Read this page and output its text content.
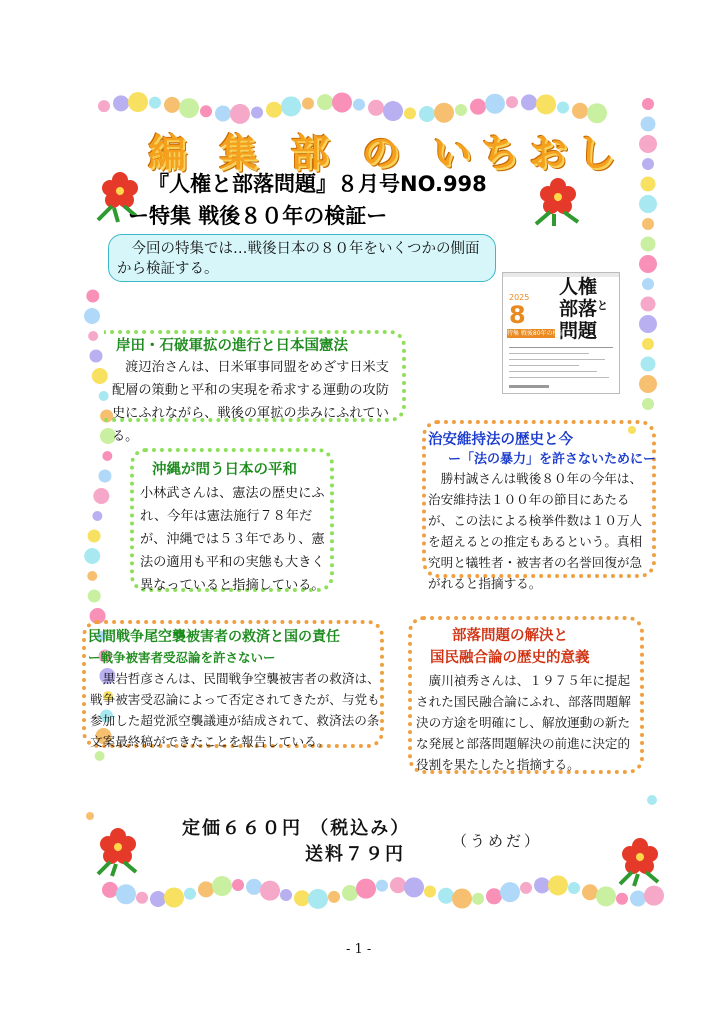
編 集 部 の いちおし
『人権と部落問題』８月号NO.998
ー特集 戦後８０年の検証ー
　今回の特集では…戦後日本の８０年をいくつかの側面から検証する。
2025
8
人権
と
部落
問題
特集 戦後80年の検証
岸田・石破軍拡の進行と日本国憲法
　渡辺治さんは、日米軍事同盟をめざす日米支配層の策動と平和の実現を希求する運動の攻防史にふれながら、戦後の軍拡の歩みにふれている。
沖縄が問う日本の平和
小林武さんは、憲法の歴史にふれ、今年は憲法施行７８年だが、沖縄では５３年であり、憲法の適用も平和の実態も大きく異なっていると指摘している。
治安維持法の歴史と今
ー「法の暴力」を許さないためにー
　勝村誠さんは戦後８０年の今年は、治安維持法１００年の節目にあたるが、この法による検挙件数は１０万人を超えるとの推定もあるという。真相究明と犠牲者・被害者の名誉回復が急がれると指摘する。
民間戦争尾空襲被害者の救済と国の責任
ー戦争被害者受忍論を許さないー
　黒岩哲彦さんは、民間戦争空襲被害者の救済は、戦争被害受忍論によって否定されてきたが、与党も参加した超党派空襲議連が結成されて、救済法の条文案最終稿ができたことを報告している。
部落問題の解決と
国民融合論の歴史的意義
　廣川禎秀さんは、１９７５年に提起された国民融合論にふれ、部落問題解決の方途を明確にし、解放運動の新たな発展と部落問題解決の前進に決定的役割を果たしたと指摘する。
定価６６０円 （税込み）
送料７９円
（うめだ）
- 1 -
